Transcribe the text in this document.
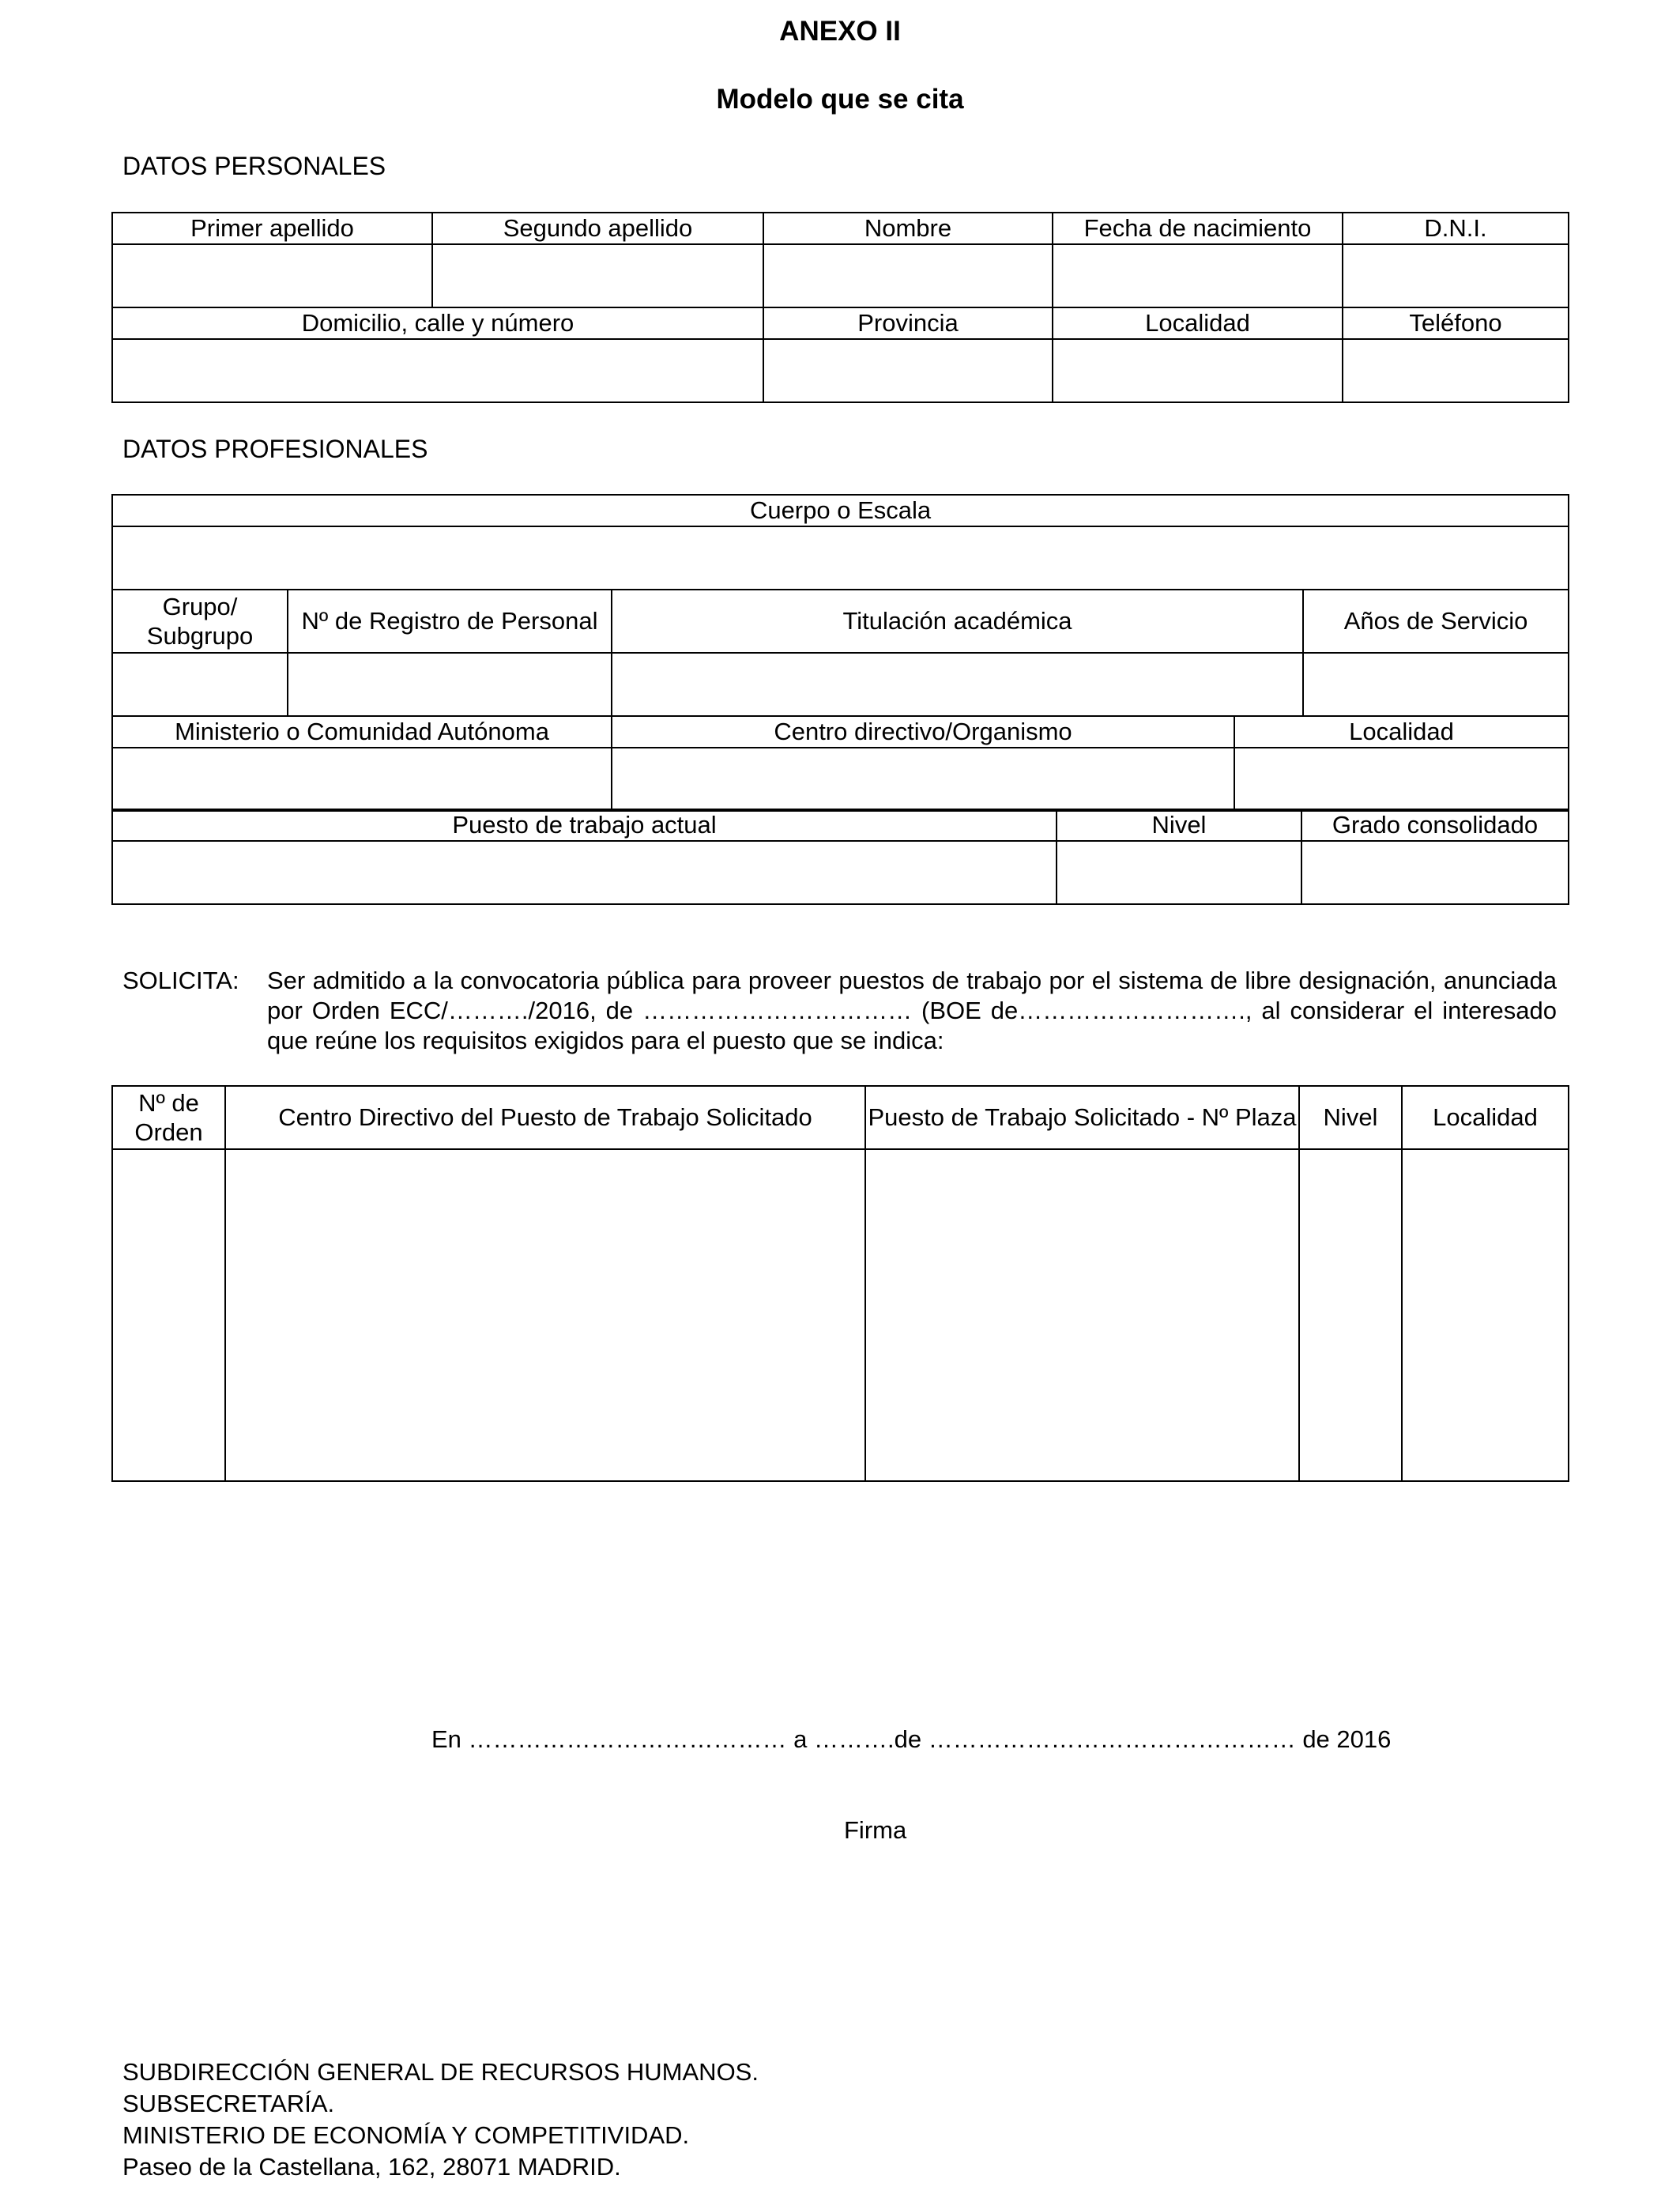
ANEXO II
Modelo que se cita
DATOS PERSONALES
Primer apellido	Segundo apellido	Nombre	Fecha de nacimiento	D.N.I.

Domicilio, calle y número		Provincia	Localidad	Teléfono

DATOS PROFESIONALES
Cuerpo o Escala			

Grupo/ Subgrupo	Nº de Registro de Personal	Titulación académica	Años de Servicio

Ministerio o Comunidad Autónoma	Centro directivo/Organismo	Localidad

Puesto de trabajo actual	Nivel	Grado consolidado

SOLICITA: Ser admitido a la convocatoria pública para proveer puestos de trabajo por el sistema de libre designación, anunciada por Orden ECC/………./2016, de …………………………… (BOE de………………………., al considerar el interesado que reúne los requisitos exigidos para el puesto que se indica:
Nº de Orden	Centro Directivo del Puesto de Trabajo Solicitado	Puesto de Trabajo Solicitado - Nº Plaza	Nivel	Localidad

En ………………………………… a ……….de ……………………………………… de 2016
Firma
SUBDIRECCIÓN GENERAL DE RECURSOS HUMANOS.
SUBSECRETARÍA.
MINISTERIO DE ECONOMÍA Y COMPETITIVIDAD.
Paseo de la Castellana, 162, 28071 MADRID.
